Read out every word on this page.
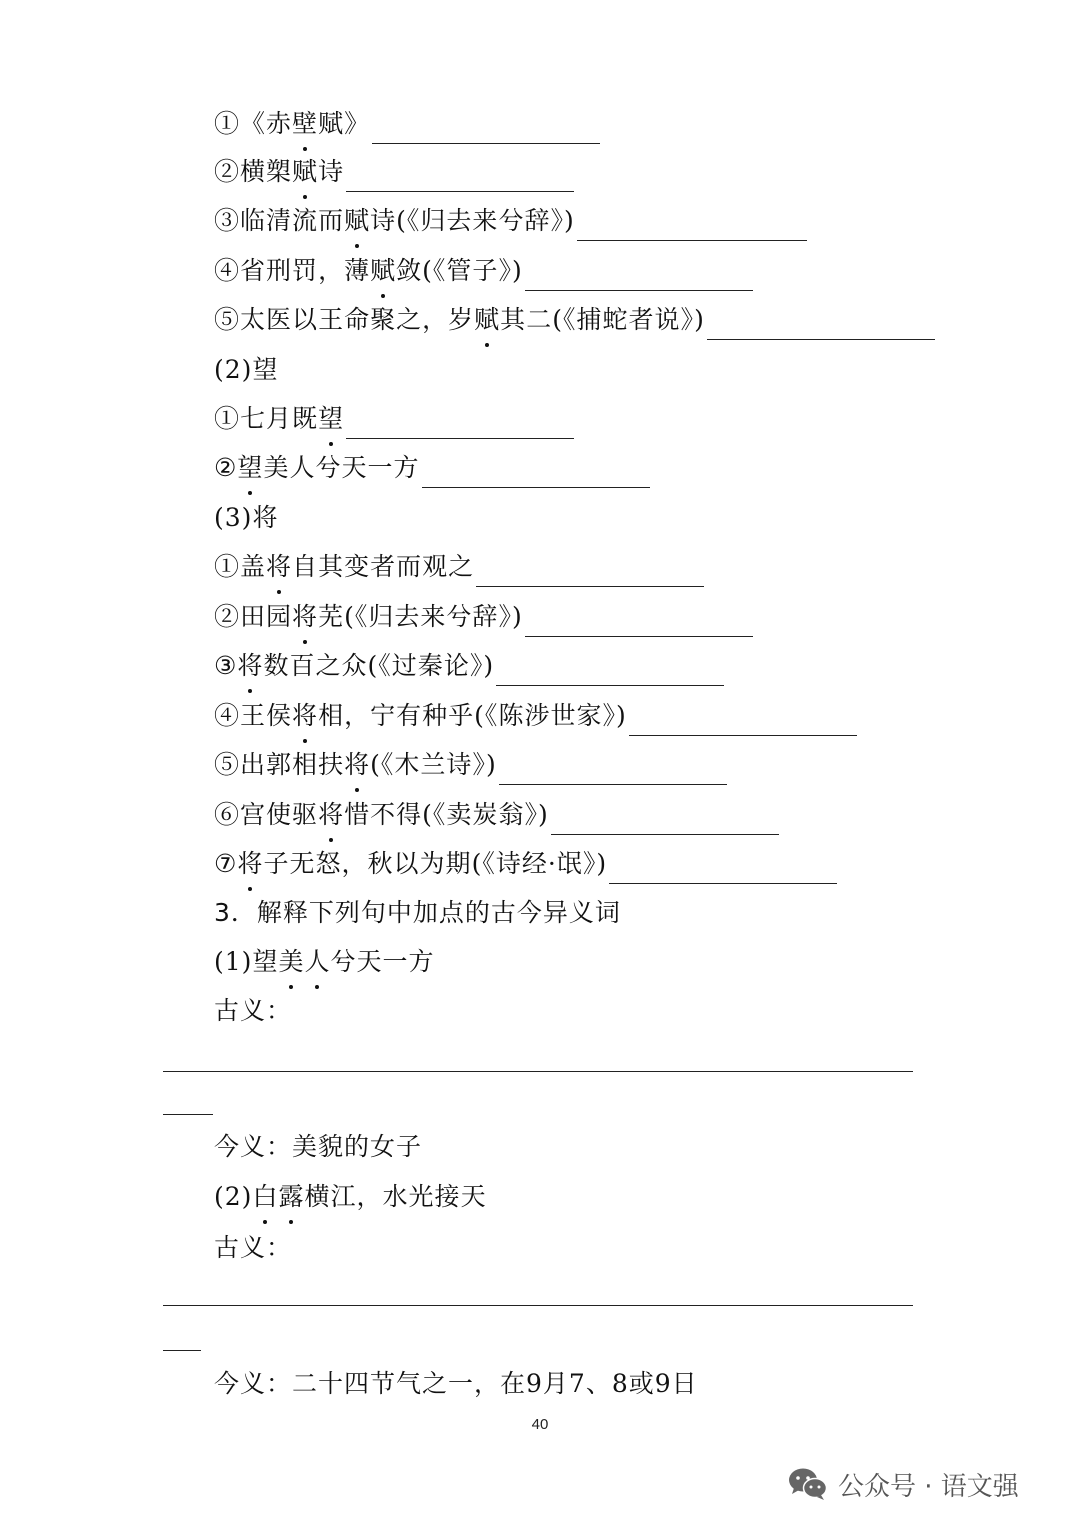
①《赤壁赋》
②横槊赋诗
③临清流而赋诗(《归去来兮辞》)
④省刑罚，薄赋敛(《管子》)
⑤太医以王命聚之，岁赋其二(《捕蛇者说》)
(2)望
①七月既望
②望美人兮天一方
(3)将
①盖将自其变者而观之
②田园将芜(《归去来兮辞》)
③将数百之众(《过秦论》)
④王侯将相，宁有种乎(《陈涉世家》)
⑤出郭相扶将(《木兰诗》)
⑥宫使驱将惜不得(《卖炭翁》)
⑦将子无怒，秋以为期(《诗经·氓》)
3．解释下列句中加点的古今异义词
(1)望美人兮天一方
古义：
今义：美貌的女子
(2)白露横江，水光接天
古义：
今义：二十四节气之一，在9月7、8或9日
40
公众号 · 语文强
